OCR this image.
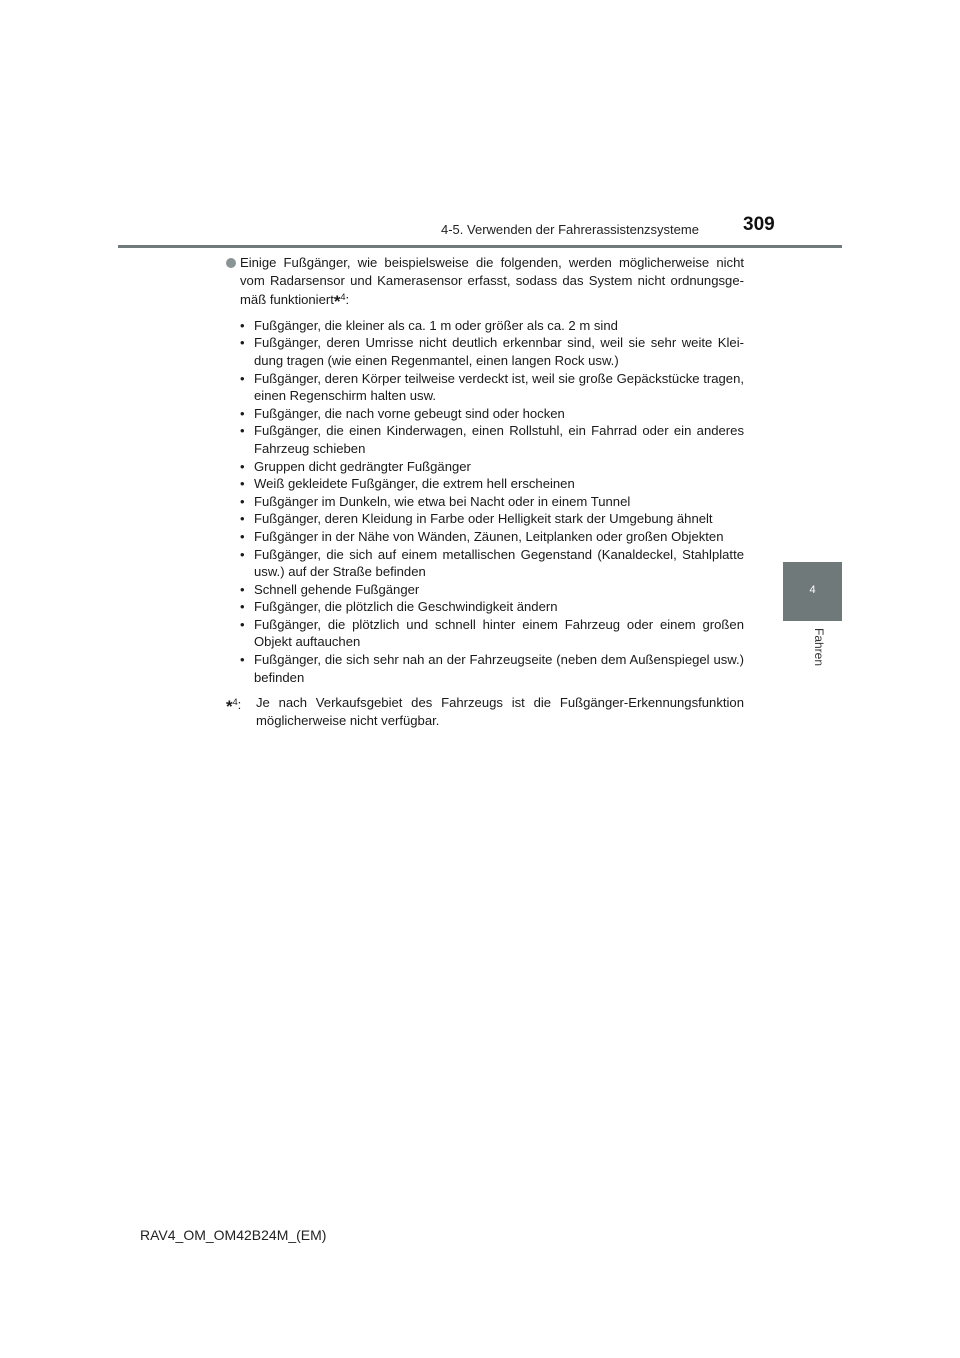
4-5. Verwenden der Fahrerassistenzsysteme 309
4
Fahren
Einige Fußgänger, wie beispielsweise die folgenden, werden möglicherweise nicht vom Radarsensor und Kamerasensor erfasst, sodass das System nicht ordnungsgemäß funktioniert*$^4$:
• Fußgänger, die kleiner als ca. 1 m oder größer als ca. 2 m sind
• Fußgänger, deren Umrisse nicht deutlich erkennbar sind, weil sie sehr weite Kleidung tragen (wie einen Regenmantel, einen langen Rock usw.)
• Fußgänger, deren Körper teilweise verdeckt ist, weil sie große Gepäckstücke tragen, einen Regenschirm halten usw.
• Fußgänger, die nach vorne gebeugt sind oder hocken
• Fußgänger, die einen Kinderwagen, einen Rollstuhl, ein Fahrrad oder ein anderes Fahrzeug schieben
• Gruppen dicht gedrängter Fußgänger
• Weiß gekleidete Fußgänger, die extrem hell erscheinen
• Fußgänger im Dunkeln, wie etwa bei Nacht oder in einem Tunnel
• Fußgänger, deren Kleidung in Farbe oder Helligkeit stark der Umgebung ähnelt
• Fußgänger in der Nähe von Wänden, Zäunen, Leitplanken oder großen Objekten
• Fußgänger, die sich auf einem metallischen Gegenstand (Kanaldeckel, Stahlplatte usw.) auf der Straße befinden
• Schnell gehende Fußgänger
• Fußgänger, die plötzlich die Geschwindigkeit ändern
• Fußgänger, die plötzlich und schnell hinter einem Fahrzeug oder einem großen Objekt auftauchen
• Fußgänger, die sich sehr nah an der Fahrzeugseite (neben dem Außenspiegel usw.) befinden
*$^4$: Je nach Verkaufsgebiet des Fahrzeugs ist die Fußgänger-Erkennungsfunktion möglicherweise nicht verfügbar.
RAV4_OM_OM42B24M_(EM)
